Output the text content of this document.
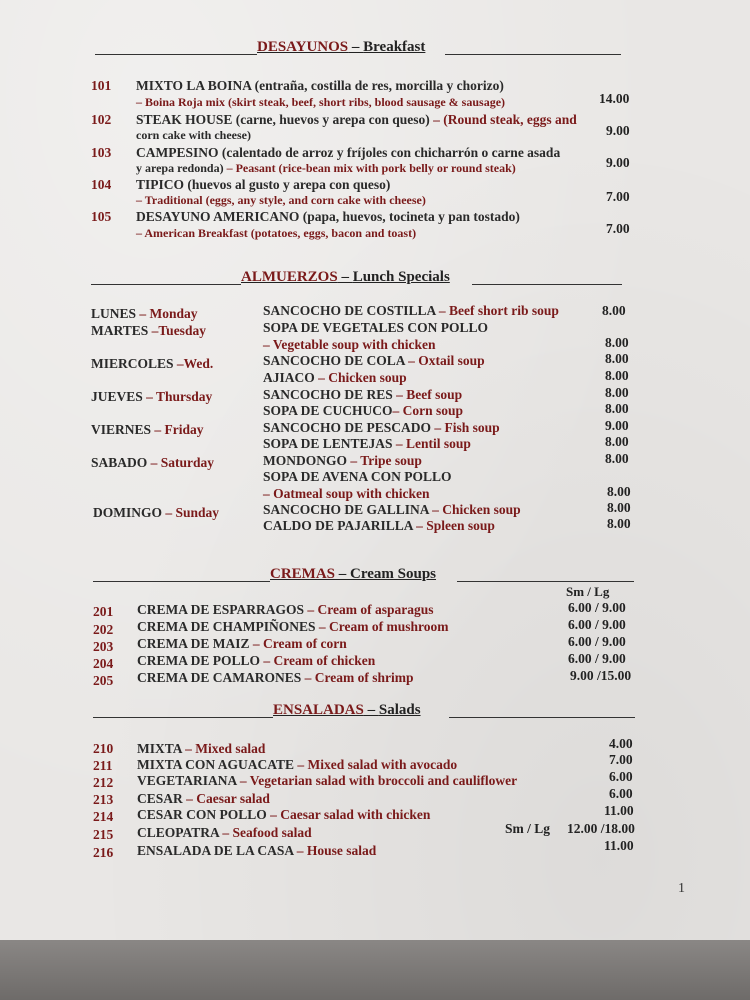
DESAYUNOS – Breakfast
101 MIXTO LA BOINA (entraña, costilla de res, morcilla y chorizo)
– Boina Roja mix (skirt steak, beef, short ribs, blood sausage & sausage)	14.00
102 STEAK HOUSE (carne, huevos y arepa con queso) – (Round steak, eggs and
corn cake with cheese)	9.00
103 CAMPESINO (calentado de arroz y fríjoles con chicharrón o carne asada
y arepa redonda) – Peasant (rice-bean mix with pork belly or round steak)	9.00
104 TIPICO (huevos al gusto y arepa con queso)
– Traditional (eggs, any style, and corn cake with cheese)	7.00
105 DESAYUNO AMERICANO (papa, huevos, tocineta y pan tostado)
– American Breakfast (potatoes, eggs, bacon and toast)	7.00
ALMUERZOS – Lunch Specials
LUNES – Monday	SANCOCHO DE COSTILLA – Beef short rib soup	8.00
MARTES –Tuesday	SOPA DE VEGETALES CON POLLO
– Vegetable soup with chicken	8.00
MIERCOLES –Wed.	SANCOCHO DE COLA – Oxtail soup	8.00
AJIACO – Chicken soup	8.00
JUEVES – Thursday	SANCOCHO DE RES – Beef soup	8.00
SOPA DE CUCHUCO– Corn soup	8.00
VIERNES – Friday	SANCOCHO DE PESCADO – Fish soup	9.00
SOPA DE LENTEJAS – Lentil soup	8.00
SABADO – Saturday	MONDONGO – Tripe soup	8.00
SOPA DE AVENA CON POLLO
– Oatmeal soup with chicken	8.00
DOMINGO – Sunday	SANCOCHO DE GALLINA – Chicken soup	8.00
CALDO DE PAJARILLA – Spleen soup	8.00
CREMAS – Cream Soups
Sm / Lg
201 CREMA DE ESPARRAGOS – Cream of asparagus	6.00 / 9.00
202 CREMA DE CHAMPIÑONES – Cream of mushroom	6.00 / 9.00
203 CREMA DE MAIZ – Cream of corn	6.00 / 9.00
204 CREMA DE POLLO – Cream of chicken	6.00 / 9.00
205 CREMA DE CAMARONES – Cream of shrimp	9.00 /15.00
ENSALADAS – Salads
210 MIXTA – Mixed salad	4.00
211 MIXTA CON AGUACATE – Mixed salad with avocado	7.00
212 VEGETARIANA – Vegetarian salad with broccoli and cauliflower	6.00
213 CESAR – Caesar salad	6.00
214 CESAR CON POLLO – Caesar salad with chicken	11.00
215 CLEOPATRA – Seafood salad	Sm / Lg 12.00 /18.00
216 ENSALADA DE LA CASA – House salad	11.00
1
